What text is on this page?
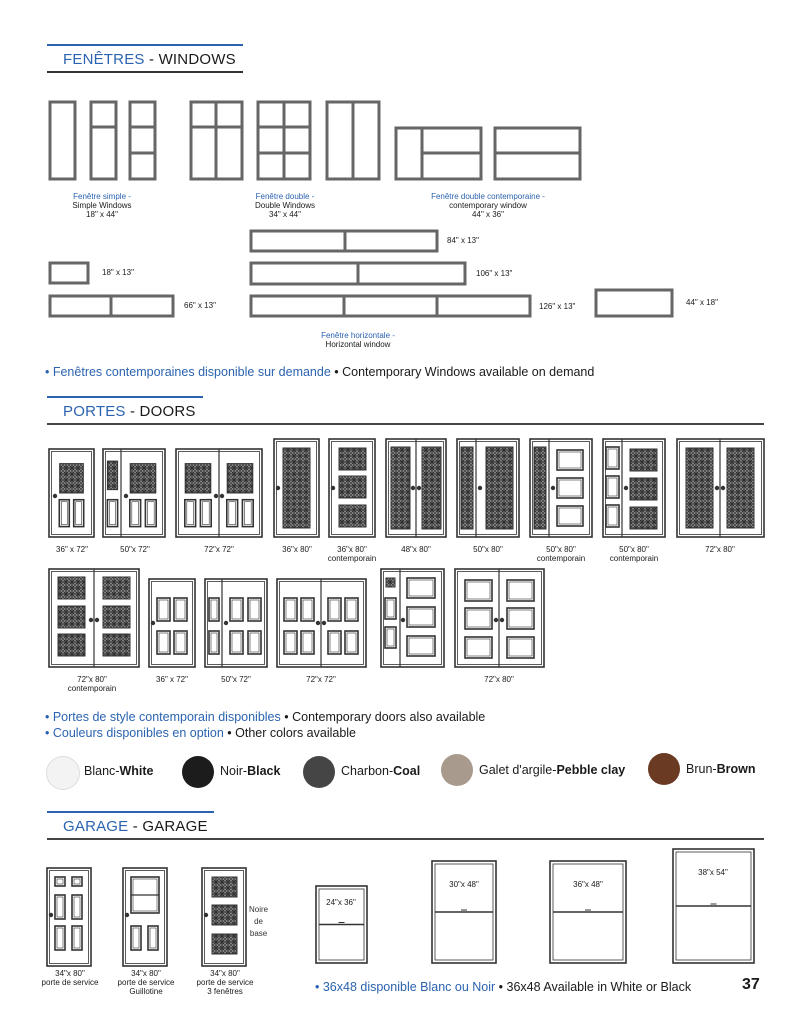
FENÊTRES - WINDOWS
Fenêtre simple -
Simple Windows
18" x 44"
Fenêtre double -
Double Windows
34" x 44"
Fenêtre double contemporaine -
contemporary window
44" x 36"
84" x 13"
18" x 13"	106" x 13"
66" x 13"	126" x 13"	44" x 18"
Fenêtre horizontale -
Horizontal window
• Fenêtres contemporaines disponible sur demande • Contemporary Windows available on demand
PORTES - DOORS
36" x 72"	50"x 72"	72"x 72"	36"x 80"	36"x 80"
contemporain
48"x 80"	50"x 80"	50"x 80"
contemporain
50"x 80"
contemporain
72"x 80"
72"x 80"
contemporain
36" x 72"	50"x 72"	72"x 72"	72"x 80"
• Portes de style contemporain disponibles • Contemporary doors also available
• Couleurs disponibles en option • Other colors available
Blanc-White	Noir-Black	Charbon-Coal	Galet d'argile-Pebble clay	Brun-Brown
GARAGE - GARAGE
Noire
de
base
34"x 80"
porte de service
34"x 80"
porte de service
Guillotine
34"x 80"
porte de service
3 fenêtres
24"x 36"
30"x 48"	36"x 48"
38"x 54"
• 36x48 disponible Blanc ou Noir • 36x48 Available in White or Black	37
